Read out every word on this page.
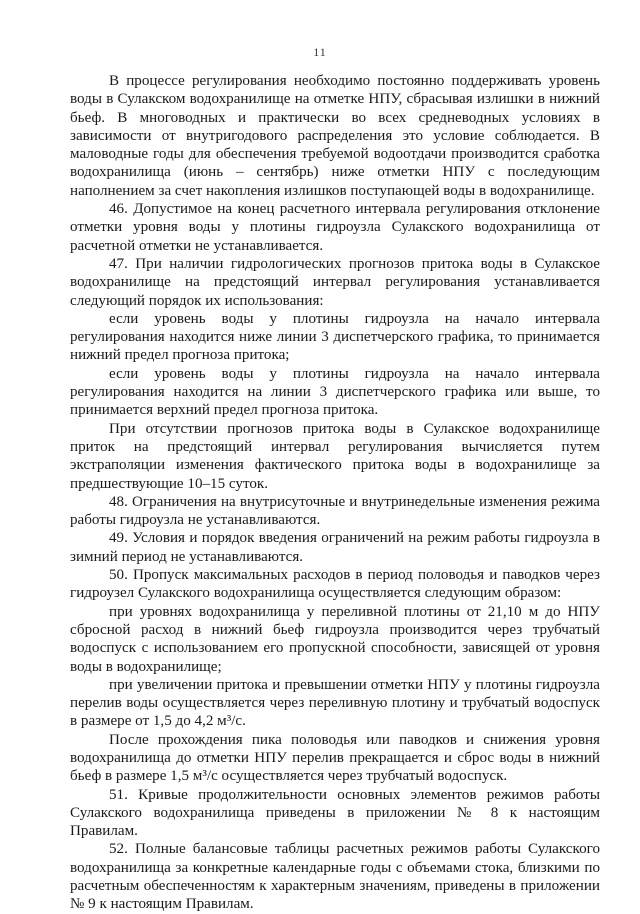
11

В процессе регулирования необходимо постоянно поддерживать уровень воды в Сулакском водохранилище на отметке НПУ, сбрасывая излишки в нижний бьеф. В многоводных и практически во всех средневодных условиях в зависимости от внутригодового распределения это условие соблюдается. В маловодные годы для обеспечения требуемой водоотдачи производится сработка водохранилища (июнь – сентябрь) ниже отметки НПУ с последующим наполнением за счет накопления излишков поступающей воды в водохранилище.

46. Допустимое на конец расчетного интервала регулирования отклонение отметки уровня воды у плотины гидроузла Сулакского водохранилища от расчетной отметки не устанавливается.

47. При наличии гидрологических прогнозов притока воды в Сулакское водохранилище на предстоящий интервал регулирования устанавливается следующий порядок их использования:

если уровень воды у плотины гидроузла на начало интервала регулирования находится ниже линии 3 диспетчерского графика, то принимается нижний предел прогноза притока;

если уровень воды у плотины гидроузла на начало интервала регулирования находится на линии 3 диспетчерского графика или выше, то принимается верхний предел прогноза притока.

При отсутствии прогнозов притока воды в Сулакское водохранилище приток на предстоящий интервал регулирования вычисляется путем экстраполяции изменения фактического притока воды в водохранилище за предшествующие 10–15 суток.

48. Ограничения на внутрисуточные и внутринедельные изменения режима работы гидроузла не устанавливаются.

49. Условия и порядок введения ограничений на режим работы гидроузла в зимний период не устанавливаются.

50. Пропуск максимальных расходов в период половодья и паводков через гидроузел Сулакского водохранилища осуществляется следующим образом:

при уровнях водохранилища у переливной плотины от 21,10 м до НПУ сбросной расход в нижний бьеф гидроузла производится через трубчатый водоспуск с использованием его пропускной способности, зависящей от уровня воды в водохранилище;

при увеличении притока и превышении отметки НПУ у плотины гидроузла перелив воды осуществляется через переливную плотину и трубчатый водоспуск в размере от 1,5 до 4,2 м³/с.

После прохождения пика половодья или паводков и снижения уровня водохранилища до отметки НПУ перелив прекращается и сброс воды в нижний бьеф в размере 1,5 м³/с осуществляется через трубчатый водоспуск.

51. Кривые продолжительности основных элементов режимов работы Сулакского водохранилища приведены в приложении № 8 к настоящим Правилам.

52. Полные балансовые таблицы расчетных режимов работы Сулакского водохранилища за конкретные календарные годы с объемами стока, близкими по расчетным обеспеченностям к характерным значениям, приведены в приложении № 9 к настоящим Правилам.
